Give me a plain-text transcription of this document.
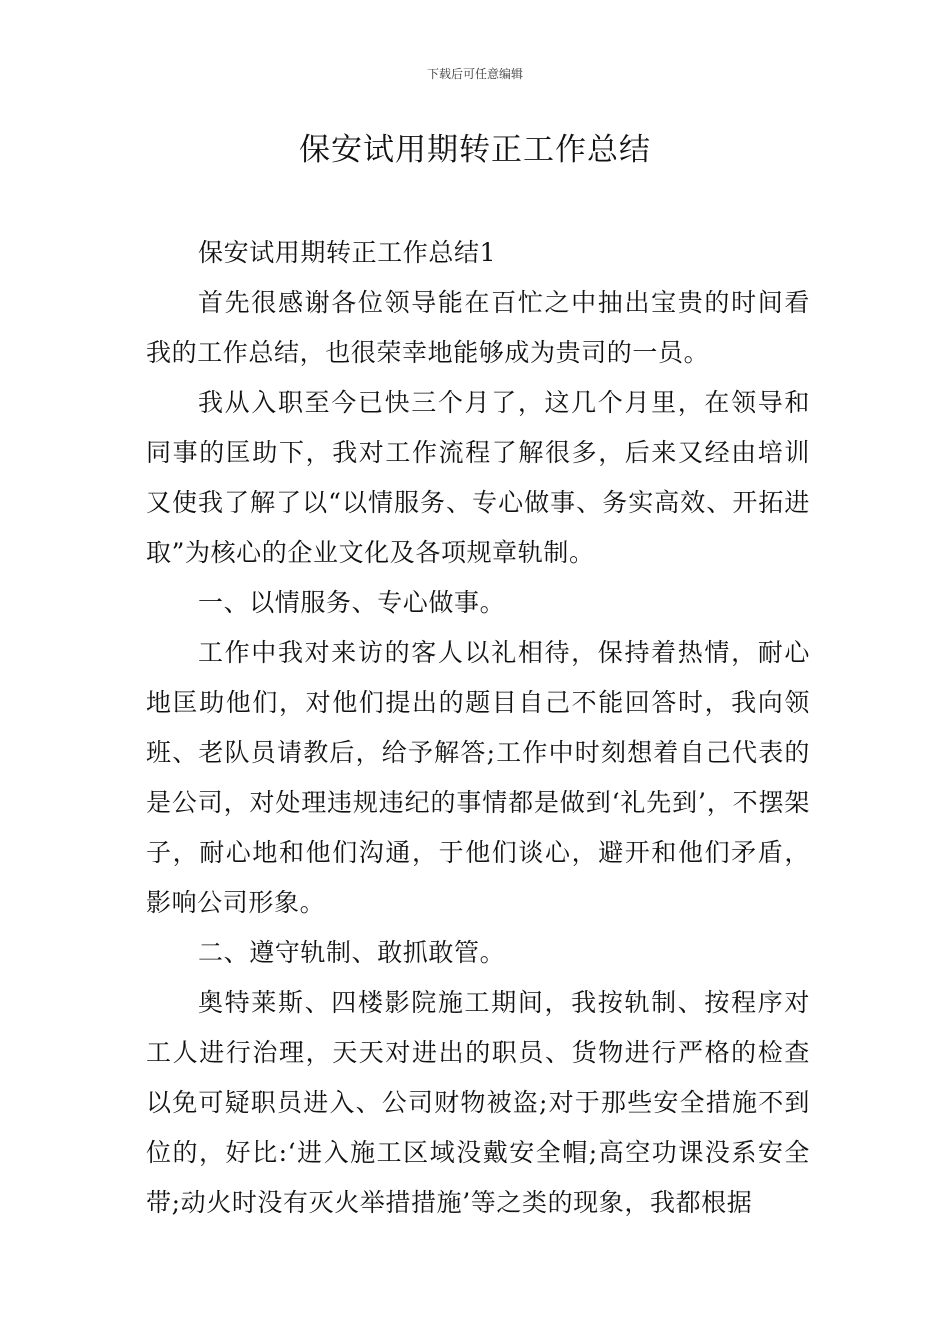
下载后可任意编辑
保安试用期转正工作总结

保安试用期转正工作总结1

首先很感谢各位领导能在百忙之中抽出宝贵的时间看我的工作总结，也很荣幸地能够成为贵司的一员。

我从入职至今已快三个月了，这几个月里，在领导和同事的匡助下，我对工作流程了解很多，后来又经由培训又使我了解了以“以情服务、专心做事、务实高效、开拓进取”为核心的企业文化及各项规章轨制。

一、以情服务、专心做事。

工作中我对来访的客人以礼相待，保持着热情，耐心地匡助他们，对他们提出的题目自己不能回答时，我向领班、老队员请教后，给予解答;工作中时刻想着自己代表的是公司，对处理违规违纪的事情都是做到‘礼先到’，不摆架子，耐心地和他们沟通，于他们谈心，避开和他们矛盾，影响公司形象。

二、遵守轨制、敢抓敢管。

奥特莱斯、四楼影院施工期间，我按轨制、按程序对工人进行治理，天天对进出的职员、货物进行严格的检查以免可疑职员进入、公司财物被盗;对于那些安全措施不到位的，好比:‘进入施工区域没戴安全帽;高空功课没系安全带;动火时没有灭火举措措施’等之类的现象，我都根据
